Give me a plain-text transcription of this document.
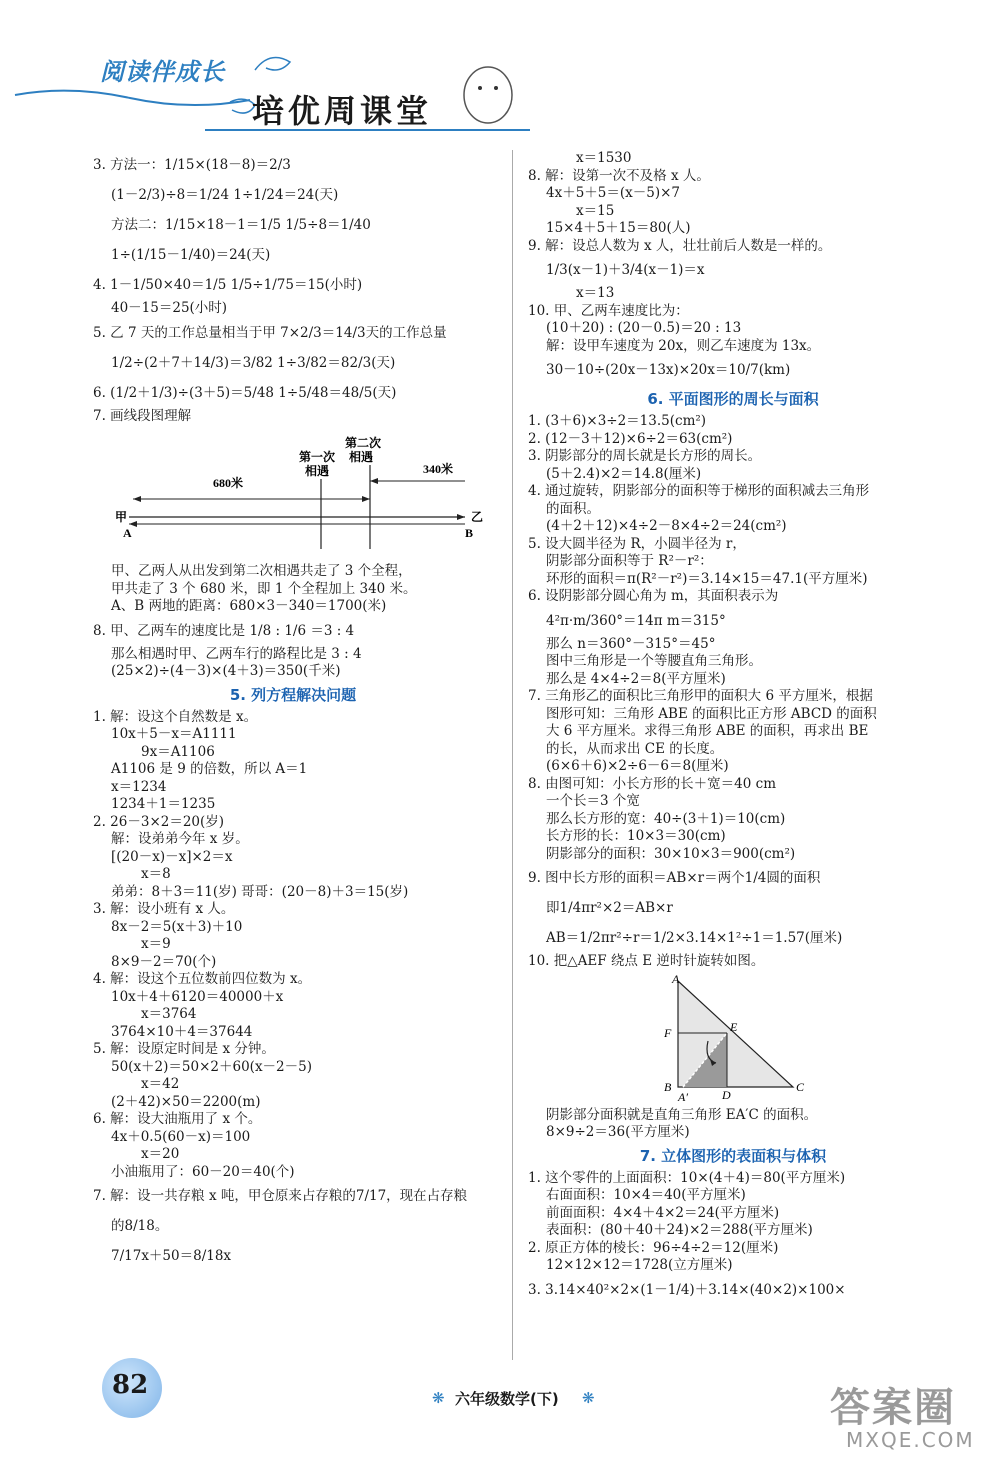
阅读伴成长
培优周课堂
3. 方法一：1/15×(18－8)＝2/3
(1－2/3)÷8＝1/24 1÷1/24＝24(天)
方法二：1/15×18－1＝1/5 1/5÷8＝1/40
1÷(1/15－1/40)＝24(天)
4. 1－1/50×40＝1/5 1/5÷1/75＝15(小时)
40－15＝25(小时)
5. 乙 7 天的工作总量相当于甲 7×2/3＝14/3天的工作总量
1/2÷(2＋7＋14/3)＝3/82 1÷3/82＝82/3(天)
6. (1/2＋1/3)÷(3＋5)＝5/48 1÷5/48＝48/5(天)
7. 画线段图理解
第二次
相遇
第一次
相遇
680米
340米
甲	乙
A	B
甲、乙两人从出发到第二次相遇共走了 3 个全程，
甲共走了 3 个 680 米，即 1 个全程加上 340 米。
A、B 两地的距离：680×3－340＝1700(米)
8. 甲、乙两车的速度比是 1/8 : 1/6 ＝3 : 4
那么相遇时甲、乙两车行的路程比是 3 : 4
(25×2)÷(4－3)×(4＋3)＝350(千米)
5. 列方程解决问题
1. 解：设这个自然数是 x。
10x＋5－x＝A1111
9x＝A1106
A1106 是 9 的倍数，所以 A＝1
x＝1234
1234＋1＝1235
2. 26－3×2＝20(岁)
解：设弟弟今年 x 岁。
[(20－x)－x]×2＝x
x＝8
弟弟：8＋3＝11(岁) 哥哥：(20－8)＋3＝15(岁)
3. 解：设小班有 x 人。
8x－2＝5(x＋3)＋10
x＝9
8×9－2＝70(个)
4. 解：设这个五位数前四位数为 x。
10x＋4＋6120＝40000＋x
x＝3764
3764×10＋4＝37644
5. 解：设原定时间是 x 分钟。
50(x＋2)＝50×2＋60(x－2－5)
x＝42
(2＋42)×50＝2200(m)
6. 解：设大油瓶用了 x 个。
4x＋0.5(60－x)＝100
x＝20
小油瓶用了：60－20＝40(个)
7. 解：设一共存粮 x 吨，甲仓原来占存粮的7/17，现在占存粮
的8/18。
7/17x＋50＝8/18x
x＝1530
8. 解：设第一次不及格 x 人。
4x＋5＋5＝(x－5)×7
x＝15
15×4＋5＋15＝80(人)
9. 解：设总人数为 x 人，壮壮前后人数是一样的。
1/3(x－1)＋3/4(x－1)＝x
x＝13
10. 甲、乙两车速度比为：
(10＋20) : (20－0.5)＝20 : 13
解：设甲车速度为 20x，则乙车速度为 13x。
30－10÷(20x－13x)×20x＝10/7(km)
6. 平面图形的周长与面积
1. (3＋6)×3÷2＝13.5(cm²)
2. (12－3＋12)×6÷2＝63(cm²)
3. 阴影部分的周长就是长方形的周长。
(5＋2.4)×2＝14.8(厘米)
4. 通过旋转，阴影部分的面积等于梯形的面积减去三角形
的面积。
(4＋2＋12)×4÷2－8×4÷2＝24(cm²)
5. 设大圆半径为 R，小圆半径为 r，
阴影部分面积等于 R²－r²：
环形的面积＝π(R²－r²)＝3.14×15＝47.1(平方厘米)
6. 设阴影部分圆心角为 m，其面积表示为
4²π·m/360°＝14π m＝315°
那么 n＝360°－315°＝45°
图中三角形是一个等腰直角三角形。
那么是 4×4÷2＝8(平方厘米)
7. 三角形乙的面积比三角形甲的面积大 6 平方厘米，根据
图形可知：三角形 ABE 的面积比正方形 ABCD 的面积
大 6 平方厘米。求得三角形 ABE 的面积，再求出 BE
的长，从而求出 CE 的长度。
(6×6＋6)×2÷6－6＝8(厘米)
8. 由图可知：小长方形的长＋宽＝40 cm
一个长＝3 个宽
那么长方形的宽：40÷(3＋1)＝10(cm)
长方形的长：10×3＝30(cm)
阴影部分的面积：30×10×3＝900(cm²)
9. 图中长方形的面积＝AB×r＝两个1/4圆的面积
即1/4πr²×2＝AB×r
AB＝1/2πr²÷r＝1/2×3.14×1²÷1＝1.57(厘米)
10. 把△AEF 绕点 E 逆时针旋转如图。
A
E
F
B
D
C
A′
阴影部分面积就是直角三角形 EA′C 的面积。
8×9÷2＝36(平方厘米)
7. 立体图形的表面积与体积
1. 这个零件的上面面积：10×(4＋4)＝80(平方厘米)
右面面积：10×4＝40(平方厘米)
前面面积：4×4＋4×2＝24(平方厘米)
表面积：(80＋40＋24)×2＝288(平方厘米)
2. 原正方体的棱长：96÷4÷2＝12(厘米)
12×12×12＝1728(立方厘米)
3. 3.14×40²×2×(1－1/4)＋3.14×(40×2)×100×
82	❋ 六年级数学(下) ❋	答案圈
MXQE.COM
